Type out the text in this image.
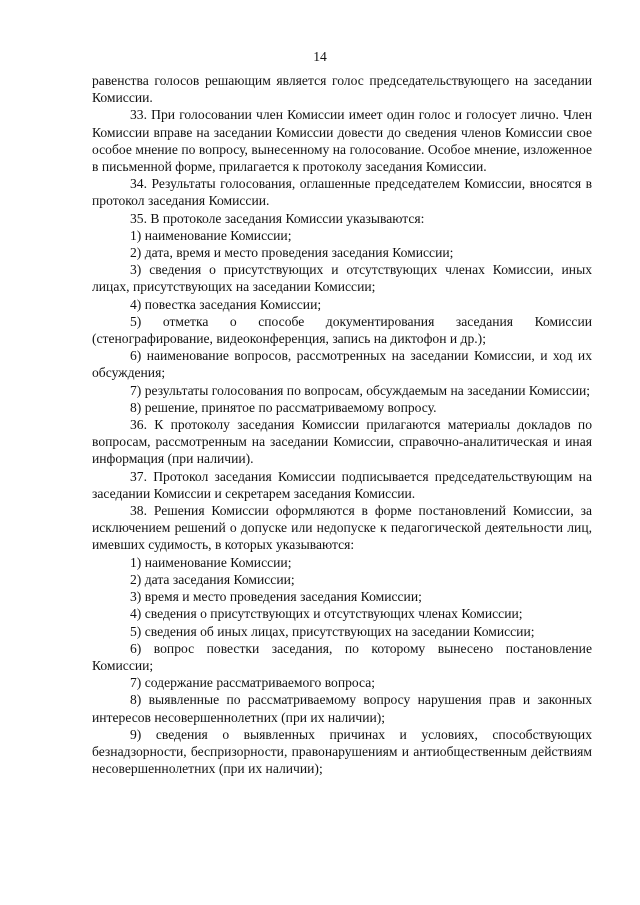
14

равенства голосов решающим является голос председательствующего на заседании Комиссии.

33. При голосовании член Комиссии имеет один голос и голосует лично. Член Комиссии вправе на заседании Комиссии довести до сведения членов Комиссии свое особое мнение по вопросу, вынесенному на голосование. Особое мнение, изложенное в письменной форме, прилагается к протоколу заседания Комиссии.

34. Результаты голосования, оглашенные председателем Комиссии, вносятся в протокол заседания Комиссии.

35. В протоколе заседания Комиссии указываются:

1) наименование Комиссии;

2) дата, время и место проведения заседания Комиссии;

3) сведения о присутствующих и отсутствующих членах Комиссии, иных лицах, присутствующих на заседании Комиссии;

4) повестка заседания Комиссии;

5) отметка о способе документирования заседания Комиссии (стенографирование, видеоконференция, запись на диктофон и др.);

6) наименование вопросов, рассмотренных на заседании Комиссии, и ход их обсуждения;

7) результаты голосования по вопросам, обсуждаемым на заседании Комиссии;

8) решение, принятое по рассматриваемому вопросу.

36. К протоколу заседания Комиссии прилагаются материалы докладов по вопросам, рассмотренным на заседании Комиссии, справочно-аналитическая и иная информация (при наличии).

37. Протокол заседания Комиссии подписывается председательствующим на заседании Комиссии и секретарем заседания Комиссии.

38. Решения Комиссии оформляются в форме постановлений Комиссии, за исключением решений о допуске или недопуске к педагогической деятельности лиц, имевших судимость, в которых указываются:

1) наименование Комиссии;

2) дата заседания Комиссии;

3) время и место проведения заседания Комиссии;

4) сведения о присутствующих и отсутствующих членах Комиссии;

5) сведения об иных лицах, присутствующих на заседании Комиссии;

6) вопрос повестки заседания, по которому вынесено постановление Комиссии;

7) содержание рассматриваемого вопроса;

8) выявленные по рассматриваемому вопросу нарушения прав и законных интересов несовершеннолетних (при их наличии);

9) сведения о выявленных причинах и условиях, способствующих безнадзорности, беспризорности, правонарушениям и антиобщественным действиям несовершеннолетних (при их наличии);
